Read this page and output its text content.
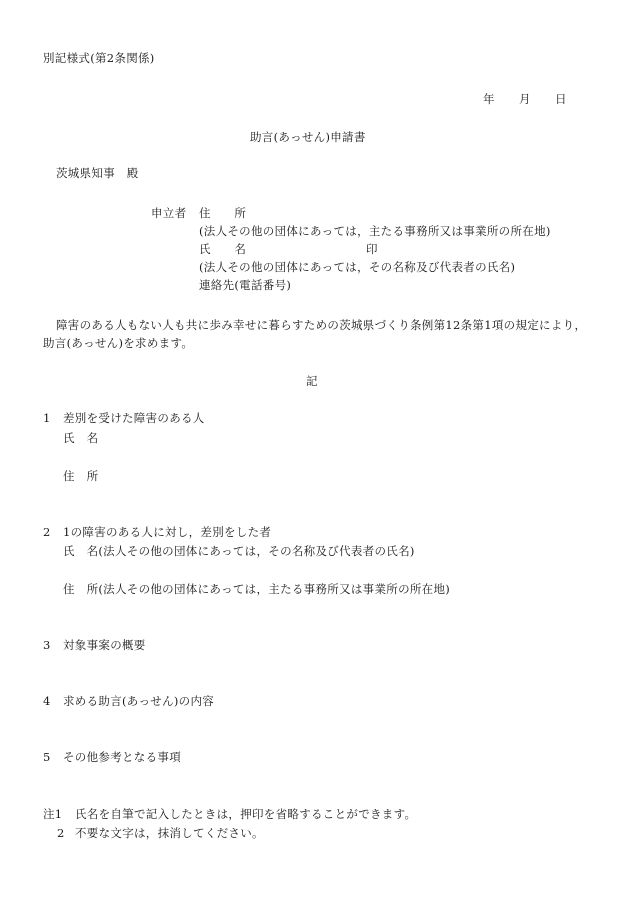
別記様式(第2条関係)
年 月 日
助言(あっせん)申請書
茨城県知事　殿
申立者 住　　所
(法人その他の団体にあっては，主たる事務所又は事業所の所在地)
氏　　名	印
(法人その他の団体にあっては，その名称及び代表者の氏名)
連絡先(電話番号)
障害のある人もない人も共に歩み幸せに暮らすための茨城県づくり条例第12条第1項の規定により，
助言(あっせん)を求めます。
記
1 差別を受けた障害のある人
氏　名
住　所
2 1の障害のある人に対し，差別をした者
氏　名(法人その他の団体にあっては，その名称及び代表者の氏名)
住　所(法人その他の団体にあっては，主たる事務所又は事業所の所在地)
3 対象事案の概要
4 求める助言(あっせん)の内容
5 その他参考となる事項
注1 氏名を自筆で記入したときは，押印を省略することができます。
2 不要な文字は，抹消してください。
